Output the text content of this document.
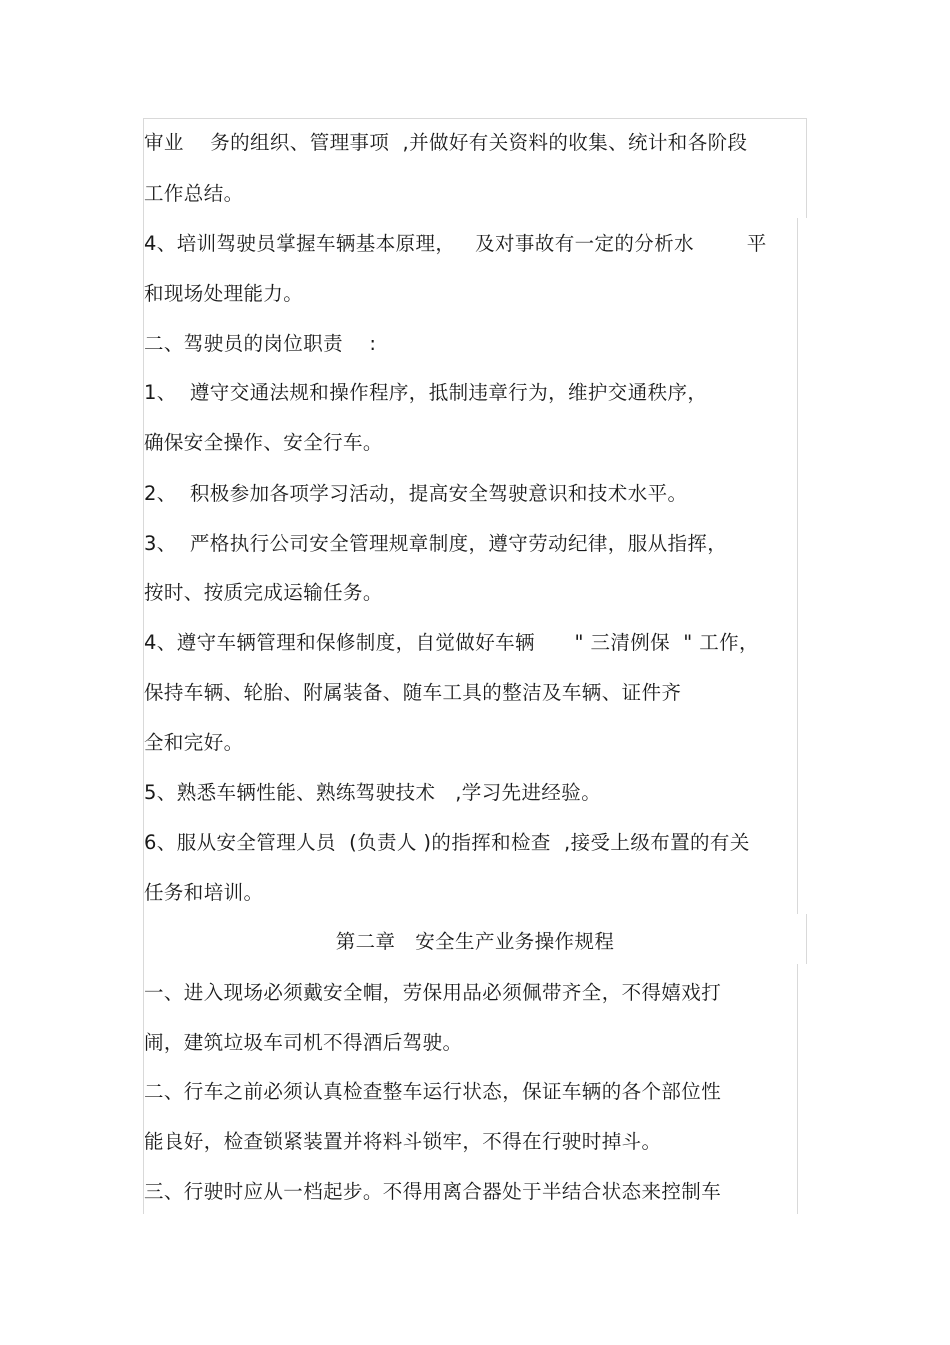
审业    务的组织、管理事项  ,并做好有关资料的收集、统计和各阶段
工作总结。
4、培训驾驶员掌握车辆基本原理，   及对事故有一定的分析水        平
和现场处理能力。
二、驾驶员的岗位职责    :
1、  遵守交通法规和操作程序，抵制违章行为，维护交通秩序，
确保安全操作、安全行车。
2、  积极参加各项学习活动，提高安全驾驶意识和技术水平。
3、  严格执行公司安全管理规章制度，遵守劳动纪律，服从指挥，
按时、按质完成运输任务。
4、遵守车辆管理和保修制度，自觉做好车辆      " 三清例保  " 工作，
保持车辆、轮胎、附属装备、随车工具的整洁及车辆、证件齐
全和完好。
5、熟悉车辆性能、熟练驾驶技术   ,学习先进经验。
6、服从安全管理人员  (负责人 )的指挥和检查  ,接受上级布置的有关
任务和培训。
第二章   安全生产业务操作规程
一、进入现场必须戴安全帽，劳保用品必须佩带齐全，不得嬉戏打
闹，建筑垃圾车司机不得酒后驾驶。
二、行车之前必须认真检查整车运行状态，保证车辆的各个部位性
能良好，检查锁紧装置并将料斗锁牢，不得在行驶时掉斗。
三、行驶时应从一档起步。不得用离合器处于半结合状态来控制车
